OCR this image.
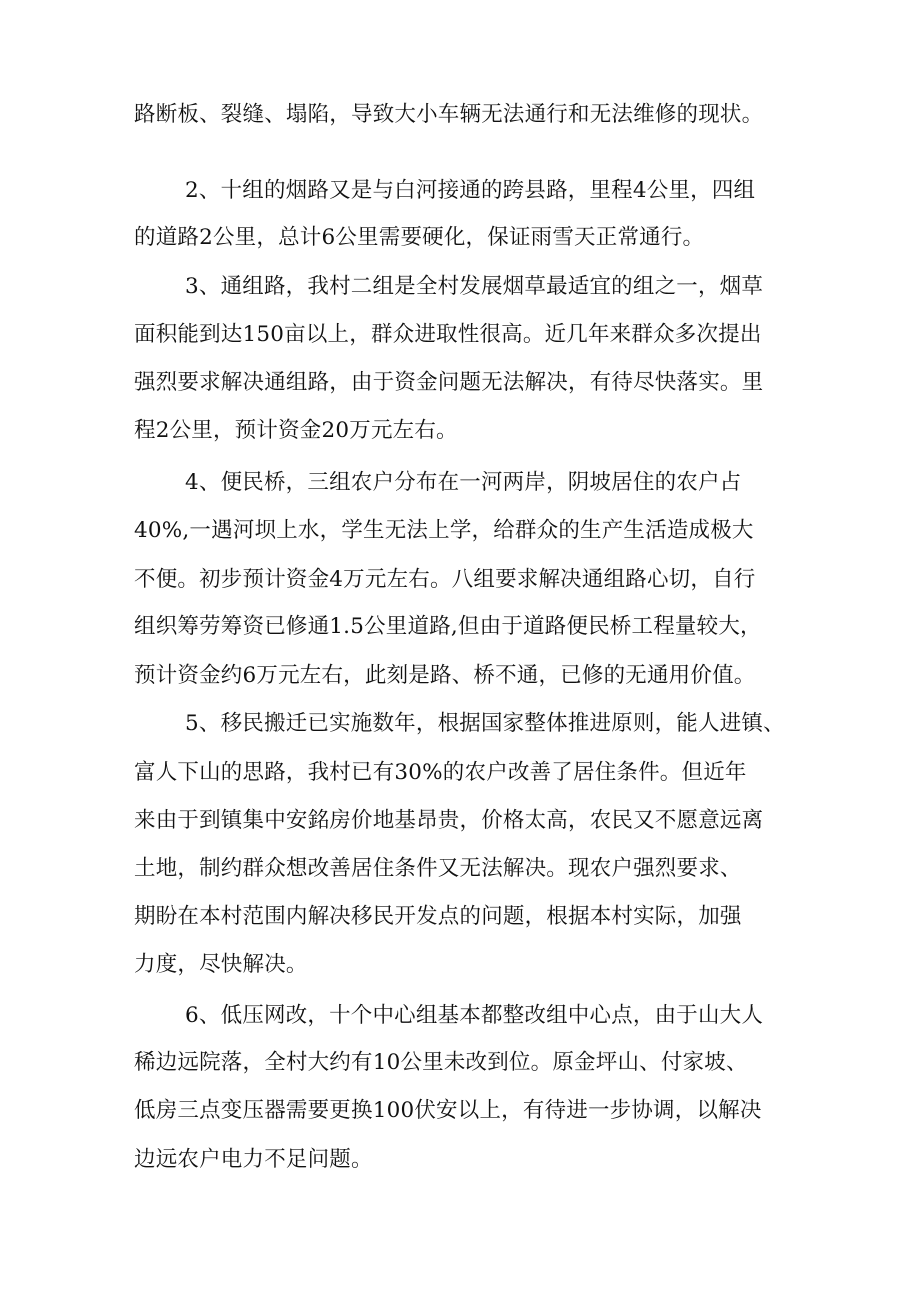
路断板、裂缝、塌陷，导致大小车辆无法通行和无法维修的现状。

2、十组的烟路又是与白河接通的跨县路，里程4公里，四组

的道路2公里，总计6公里需要硬化，保证雨雪天正常通行。

3、通组路，我村二组是全村发展烟草最适宜的组之一，烟草

面积能到达150亩以上，群众进取性很高。近几年来群众多次提出

强烈要求解决通组路，由于资金问题无法解决，有待尽快落实。里

程2公里，预计资金20万元左右。

4、便民桥，三组农户分布在一河两岸，阴坡居住的农户占

40%,一遇河坝上水，学生无法上学，给群众的生产生活造成极大

不便。初步预计资金4万元左右。八组要求解决通组路心切，自行

组织筹劳筹资已修通1.5公里道路,但由于道路便民桥工程量较大，

预计资金约6万元左右，此刻是路、桥不通，已修的无通用价值。

5、移民搬迁已实施数年，根据国家整体推进原则，能人进镇、

富人下山的思路，我村已有30%的农户改善了居住条件。但近年

来由于到镇集中安銘房价地基昂贵，价格太高，农民又不愿意远离

土地，制约群众想改善居住条件又无法解决。现农户强烈要求、

期盼在本村范围内解决移民开发点的问题，根据本村实际，加强

力度，尽快解决。

6、低压网改，十个中心组基本都整改组中心点，由于山大人

稀边远院落，全村大约有10公里未改到位。原金坪山、付家坡、

低房三点变压器需要更换100伏安以上，有待进一步协调，以解决

边远农户电力不足问题。
